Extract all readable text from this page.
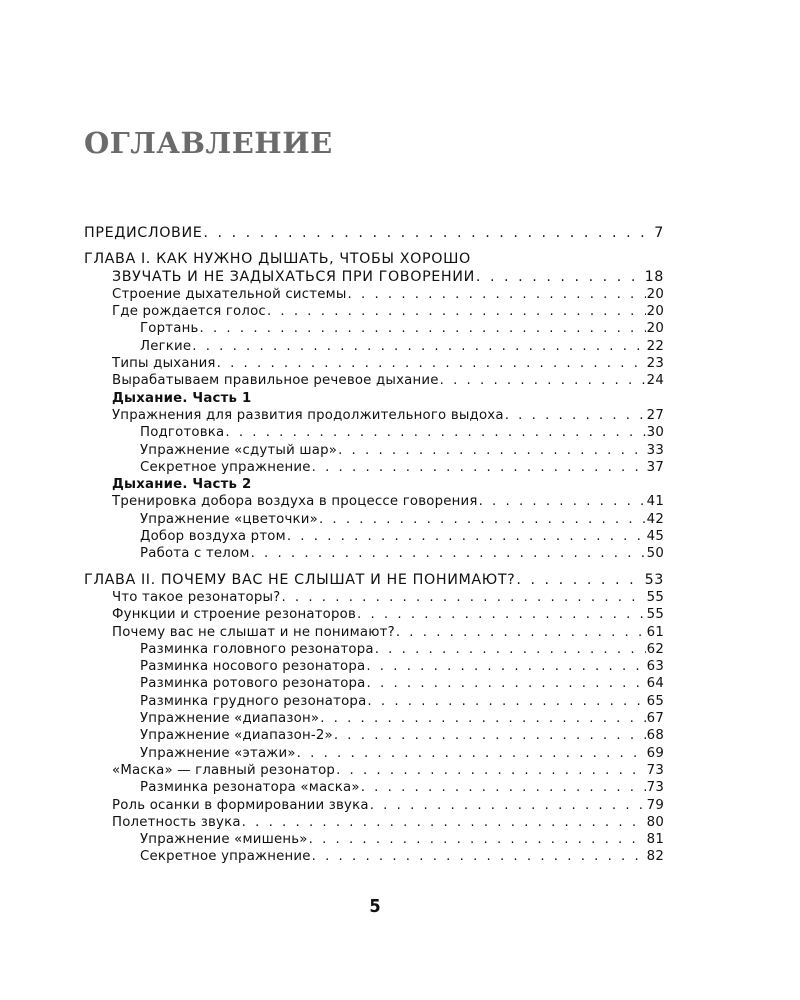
ОГЛАВЛЕНИЕ
ПРЕДИСЛОВИЕ . . .	7
ГЛАВА I. КАК НУЖНО ДЫШАТЬ, ЧТОБЫ ХОРОШО
ЗВУЧАТЬ И НЕ ЗАДЫХАТЬСЯ ПРИ ГОВОРЕНИИ . . .	18
Строение дыхательной системы . . .	20
Где рождается голос . . .	20
Гортань . . .	20
Легкие . . .	22
Типы дыхания . . .	23
Вырабатываем правильное речевое дыхание . . .	24
Дыхание. Часть 1
Упражнения для развития продолжительного выдоха . . .	27
Подготовка . . .	30
Упражнение «сдутый шар» . . .	33
Секретное упражнение . . .	37
Дыхание. Часть 2
Тренировка добора воздуха в процессе говорения . . .	41
Упражнение «цветочки» . . .	42
Добор воздуха ртом . . .	45
Работа с телом . . .	50
ГЛАВА II. ПОЧЕМУ ВАС НЕ СЛЫШАТ И НЕ ПОНИМАЮТ? . . .	53
Что такое резонаторы? . . .	55
Функции и строение резонаторов . . .	55
Почему вас не слышат и не понимают? . . .	61
Разминка головного резонатора . . .	62
Разминка носового резонатора . . .	63
Разминка ротового резонатора . . .	64
Разминка грудного резонатора . . .	65
Упражнение «диапазон» . . .	67
Упражнение «диапазон-2» . . .	68
Упражнение «этажи» . . .	69
«Маска» — главный резонатор . . .	73
Разминка резонатора «маска» . . .	73
Роль осанки в формировании звука . . .	79
Полетность звука . . .	80
Упражнение «мишень» . . .	81
Секретное упражнение . . .	82
5
